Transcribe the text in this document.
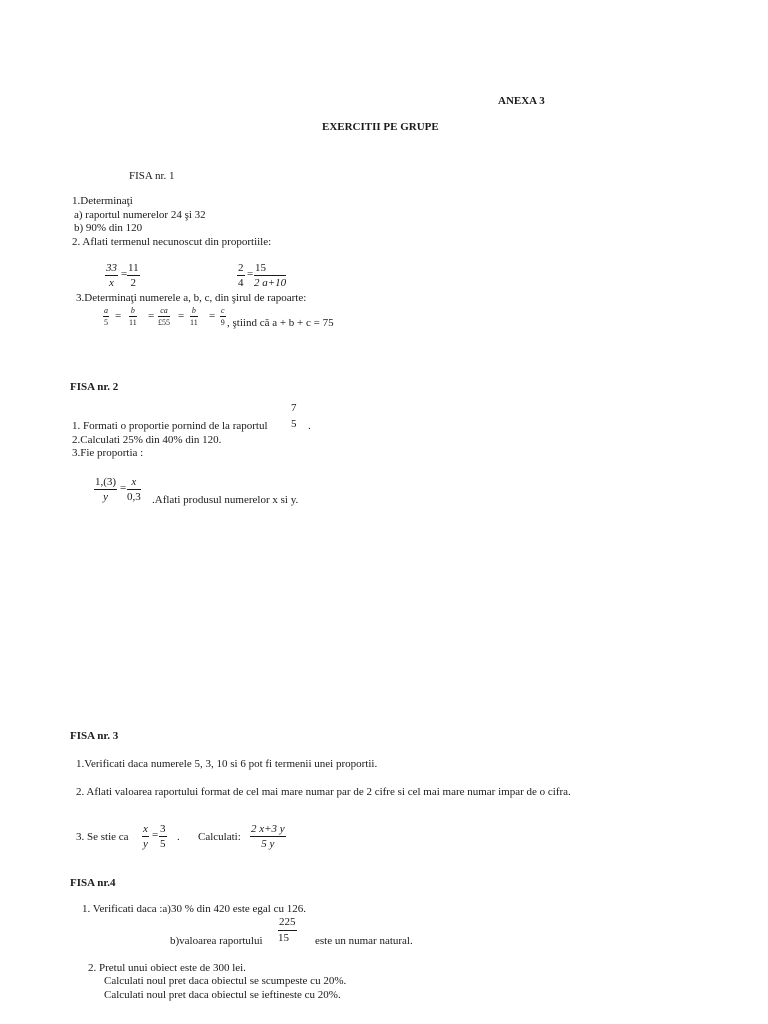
ANEXA 3
EXERCITII PE GRUPE
FISA nr. 1
1.Determinaţi
a) raportul numerelor 24 şi 32
b) 90% din 120
2. Aflati termenul necunoscut din proportiile:
$\frac{33}{x} = \frac{11}{2}$	$\frac{2}{4} = \frac{15}{2 a+10}$
3.Determinaţi numerele a, b, c, din şirul de rapoarte:
$\frac{a}{5} = \frac{b}{11} = \frac{ca}{£55} = \frac{b}{11} = \frac{c}{9}$ , ştiind că a + b + c = 75
FISA nr. 2
1. Formati o proportie pornind de la raportul
7
5 .
2.Calculati 25% din 40% din 120.
3.Fie proportia :
$\frac{1,(3)}{y} = \frac{x}{0,3}$ .Aflati produsul numerelor x si y.
FISA nr. 3
1.Verificati daca numerele 5, 3, 10 si 6 pot fi termenii unei proportii.
2. Aflati valoarea raportului format de cel mai mare numar par de 2 cifre si cel mai mare numar impar de o cifra.
3. Se stie ca $\frac{x}{y} = \frac{3}{5}$ . Calculati: $\frac{2 x+3 y}{5 y}$
FISA nr.4
1. Verificati daca :a)30 % din 420 este egal cu 126.
b)valoarea raportului $\frac{225}{15}$ este un numar natural.
2. Pretul unui obiect este de 300 lei.
Calculati noul pret daca obiectul se scumpeste cu 20%.
Calculati noul pret daca obiectul se ieftineste cu 20%.
